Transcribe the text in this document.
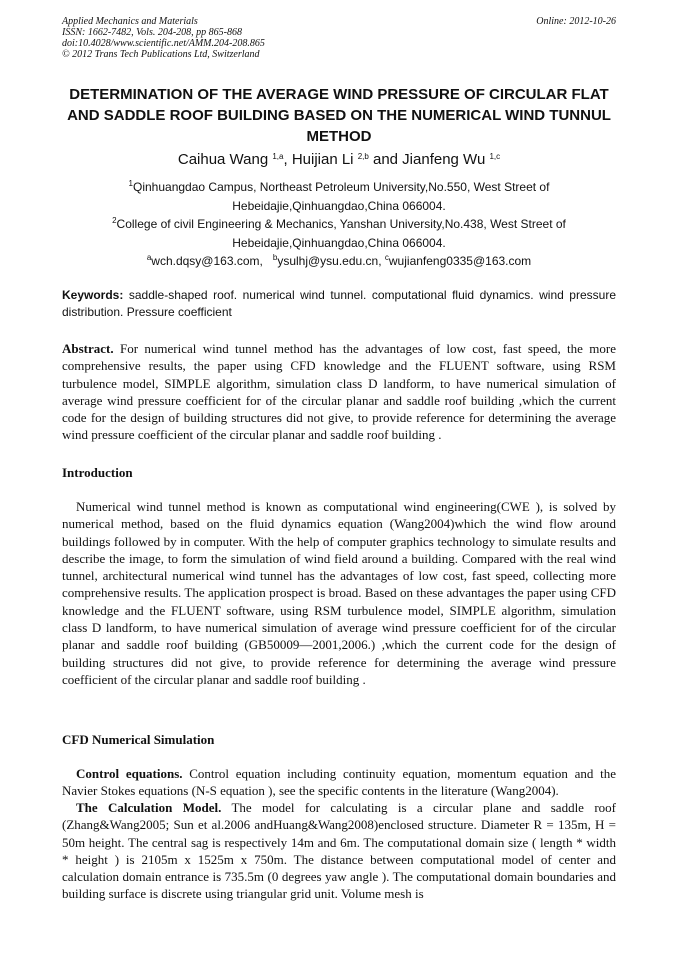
Applied Mechanics and Materials
ISSN: 1662-7482, Vols. 204-208, pp 865-868
doi:10.4028/www.scientific.net/AMM.204-208.865
© 2012 Trans Tech Publications Ltd, Switzerland
Online: 2012-10-26
DETERMINATION OF THE AVERAGE WIND PRESSURE OF CIRCULAR FLAT AND SADDLE ROOF BUILDING BASED ON THE NUMERICAL WIND TUNNUL METHOD
Caihua Wang $^{1,a}$, Huijian Li $^{2,b}$ and Jianfeng Wu $^{1,c}$
$^1$Qinhuangdao Campus, Northeast Petroleum University,No.550, West Street of
Hebeidajie,Qinhuangdao,China 066004.
$^2$College of civil Engineering & Mechanics, Yanshan University,No.438, West Street of
Hebeidajie,Qinhuangdao,China 066004.
$^a$wch.dqsy@163.com, $^b$ysulhj@ysu.edu.cn, $^c$wujianfeng0335@163.com
Keywords: saddle-shaped roof. numerical wind tunnel. computational fluid dynamics. wind pressure distribution. Pressure coefficient

Abstract. For numerical wind tunnel method has the advantages of low cost, fast speed, the more comprehensive results, the paper using CFD knowledge and the FLUENT software, using RSM turbulence model, SIMPLE algorithm, simulation class D landform, to have numerical simulation of average wind pressure coefficient for of the circular planar and saddle roof building ,which the current code for the design of building structures did not give, to provide reference for determining the average wind pressure coefficient of the circular planar and saddle roof building .

Introduction

Numerical wind tunnel method is known as computational wind engineering(CWE ), is solved by numerical method, based on the fluid dynamics equation (Wang2004)which the wind flow around buildings followed by in computer. With the help of computer graphics technology to simulate results and describe the image, to form the simulation of wind field around a building. Compared with the real wind tunnel, architectural numerical wind tunnel has the advantages of low cost, fast speed, collecting more comprehensive results. The application prospect is broad. Based on these advantages the paper using CFD knowledge and the FLUENT software, using RSM turbulence model, SIMPLE algorithm, simulation class D landform, to have numerical simulation of average wind pressure coefficient for of the circular planar and saddle roof building (GB50009—2001,2006.) ,which the current code for the design of building structures did not give, to provide reference for determining the average wind pressure coefficient of the circular planar and saddle roof building .

CFD Numerical Simulation

Control equations. Control equation including continuity equation, momentum equation and the Navier Stokes equations (N-S equation ), see the specific contents in the literature (Wang2004).

The Calculation Model. The model for calculating is a circular plane and saddle roof (Zhang&Wang2005; Sun et al.2006 andHuang&Wang2008)enclosed structure. Diameter R = 135m, H = 50m height. The central sag is respectively 14m and 6m. The computational domain size ( length * width * height ) is 2105m x 1525m x 750m. The distance between computational model of center and calculation domain entrance is 735.5m (0 degrees yaw angle ). The computational domain boundaries and building surface is discrete using triangular grid unit. Volume mesh is
